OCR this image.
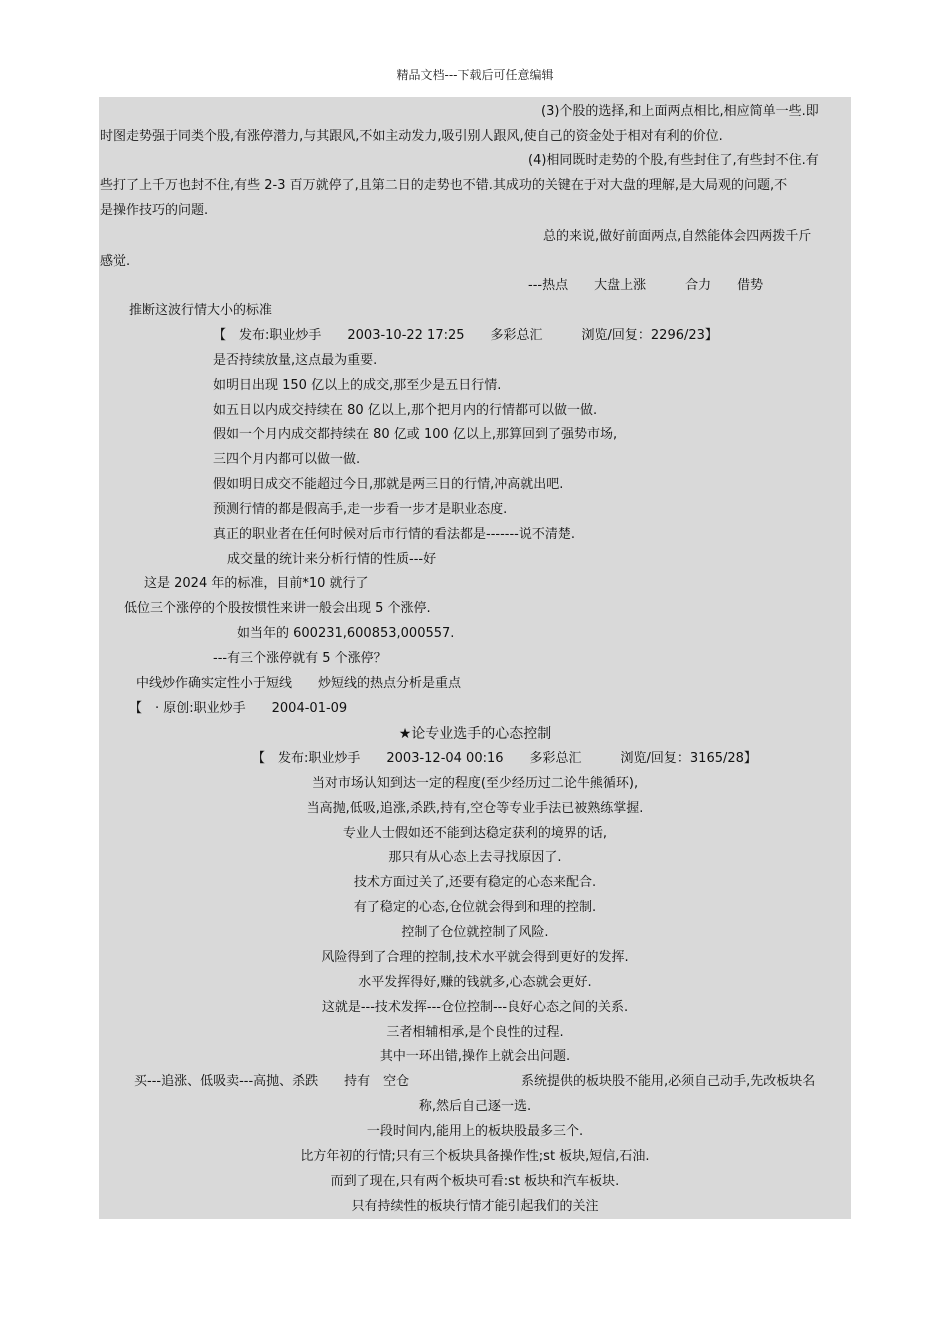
精品文档---下载后可任意编辑
(3)个股的选择,和上面两点相比,相应简单一些.即
时图走势强于同类个股,有涨停潜力,与其跟风,不如主动发力,吸引别人跟风,使自己的资金处于相对有利的价位.
(4)相同既时走势的个股,有些封住了,有些封不住.有
些打了上千万也封不住,有些 2-3 百万就停了,且第二日的走势也不错.其成功的关键在于对大盘的理解,是大局观的问题,不
是操作技巧的问题.
总的来说,做好前面两点,自然能体会四两拨千斤
感觉.
---热点　　大盘上涨　　　合力　　借势
推断这波行情大小的标准
【　发布:职业炒手　　2003-10-22 17:25　　多彩总汇　　　浏览/回复：2296/23】
是否持续放量,这点最为重要.
如明日出现 150 亿以上的成交,那至少是五日行情.
如五日以内成交持续在 80 亿以上,那个把月内的行情都可以做一做.
假如一个月内成交都持续在 80 亿或 100 亿以上,那算回到了强势市场,
三四个月内都可以做一做.
假如明日成交不能超过今日,那就是两三日的行情,冲高就出吧.
预测行情的都是假高手,走一步看一步才是职业态度.
真正的职业者在任何时候对后市行情的看法都是-------说不清楚.
成交量的统计来分析行情的性质---好
这是 2024 年的标准，目前*10 就行了
低位三个涨停的个股按惯性来讲一般会出现 5 个涨停.
如当年的 600231,600853,000557.
---有三个涨停就有 5 个涨停？
中线炒作确实定性小于短线　　炒短线的热点分析是重点
【　· 原创:职业炒手　　2004-01-09
★论专业选手的心态控制
【　发布:职业炒手　　2003-12-04 00:16　　多彩总汇　　　浏览/回复：3165/28】
当对市场认知到达一定的程度(至少经历过二论牛熊循环),
当高抛,低吸,追涨,杀跌,持有,空仓等专业手法已被熟练掌握.
专业人士假如还不能到达稳定获利的境界的话,
那只有从心态上去寻找原因了.
技术方面过关了,还要有稳定的心态来配合.
有了稳定的心态,仓位就会得到和理的控制.
控制了仓位就控制了风险.
风险得到了合理的控制,技术水平就会得到更好的发挥.
水平发挥得好,赚的钱就多,心态就会更好.
这就是---技术发挥---仓位控制---良好心态之间的关系.
三者相辅相承,是个良性的过程.
其中一环出错,操作上就会出问题.
买---追涨、低吸卖---高抛、杀跌　　持有　空仓	系统提供的板块股不能用,必须自己动手,先改板块名
称,然后自己逐一选.
一段时间内,能用上的板块股最多三个.
比方年初的行情;只有三个板块具备操作性;st 板块,短信,石油.
而到了现在,只有两个板块可看:st 板块和汽车板块.
只有持续性的板块行情才能引起我们的关注
